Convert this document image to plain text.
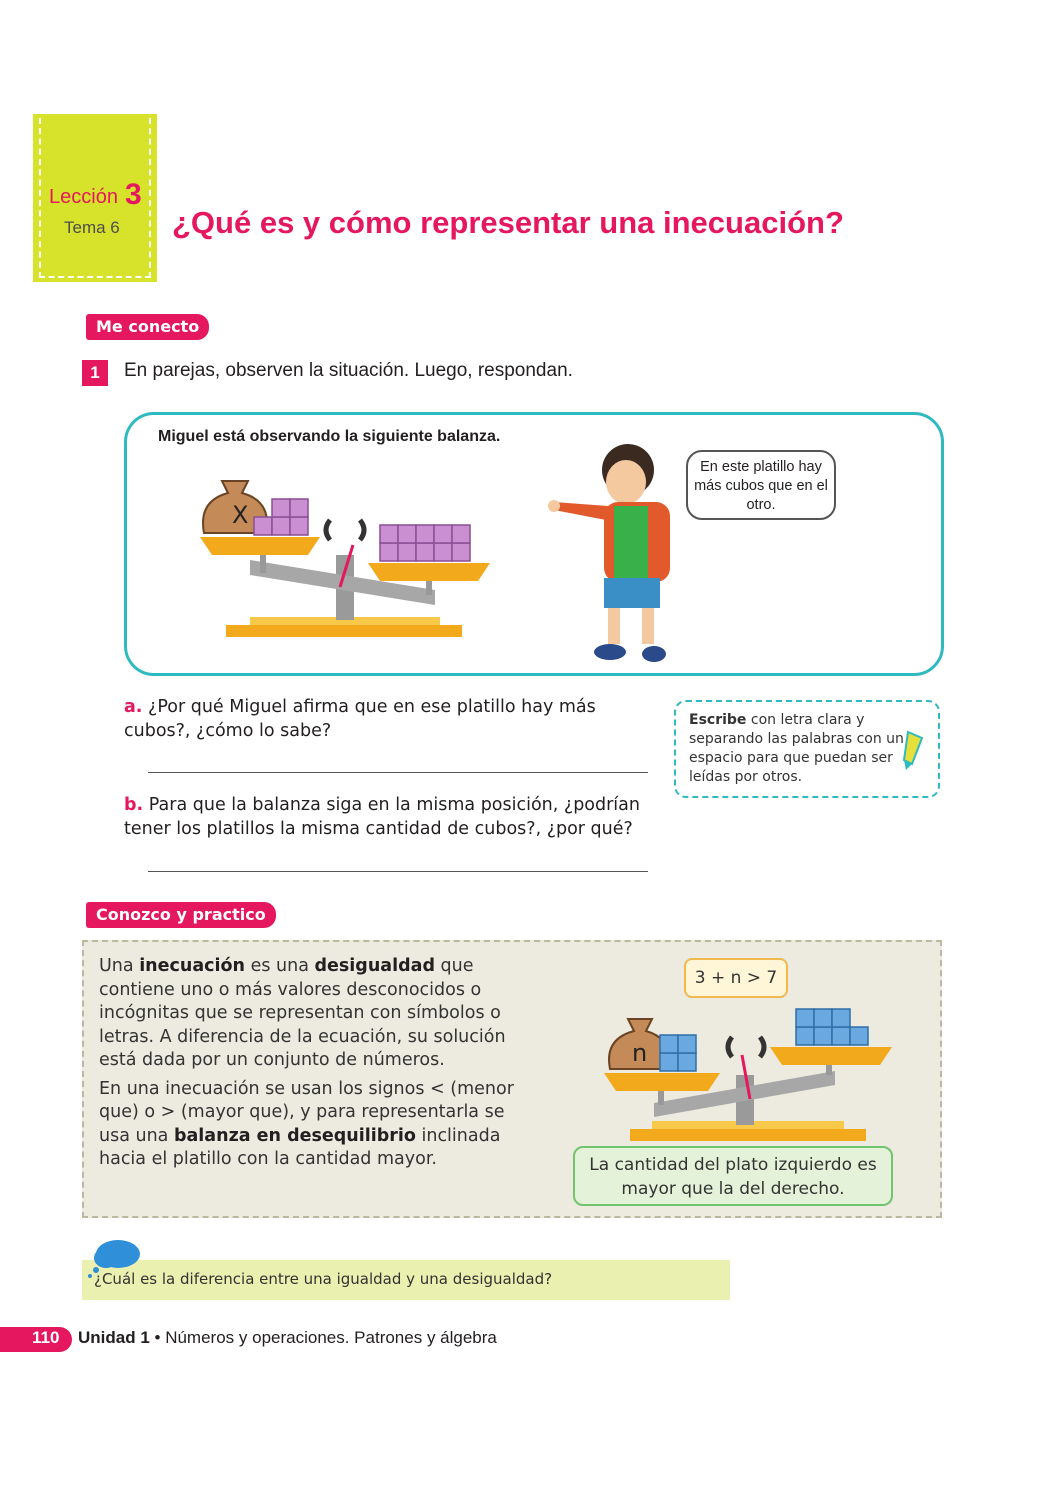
Lección 3
Tema 6 ¿Qué es y cómo representar una inecuación?
Me conecto
1	En parejas, observen la situación. Luego, respondan.
Miguel está observando la siguiente balanza.
X
En este platillo hay más cubos que en el otro.
a. ¿Por qué Miguel afirma que en ese platillo hay más cubos?, ¿cómo lo sabe?
b. Para que la balanza siga en la misma posición, ¿podrían tener los platillos la misma cantidad de cubos?, ¿por qué?
Escribe con letra clara y separando las palabras con un espacio para que puedan ser leídas por otros.
Conozco y practico

Una inecuación es una desigualdad que contiene uno o más valores desconocidos o incógnitas que se representan con símbolos o letras. A diferencia de la ecuación, su solución está dada por un conjunto de números.

En una inecuación se usan los signos < (menor que) o > (mayor que), y para representarla se usa una balanza en desequilibrio inclinada hacia el platillo con la cantidad mayor.

3 + n > 7
n
La cantidad del plato izquierdo es mayor que la del derecho.
¿Cuál es la diferencia entre una igualdad y una desigualdad?
110 Unidad 1 • Números y operaciones. Patrones y álgebra
